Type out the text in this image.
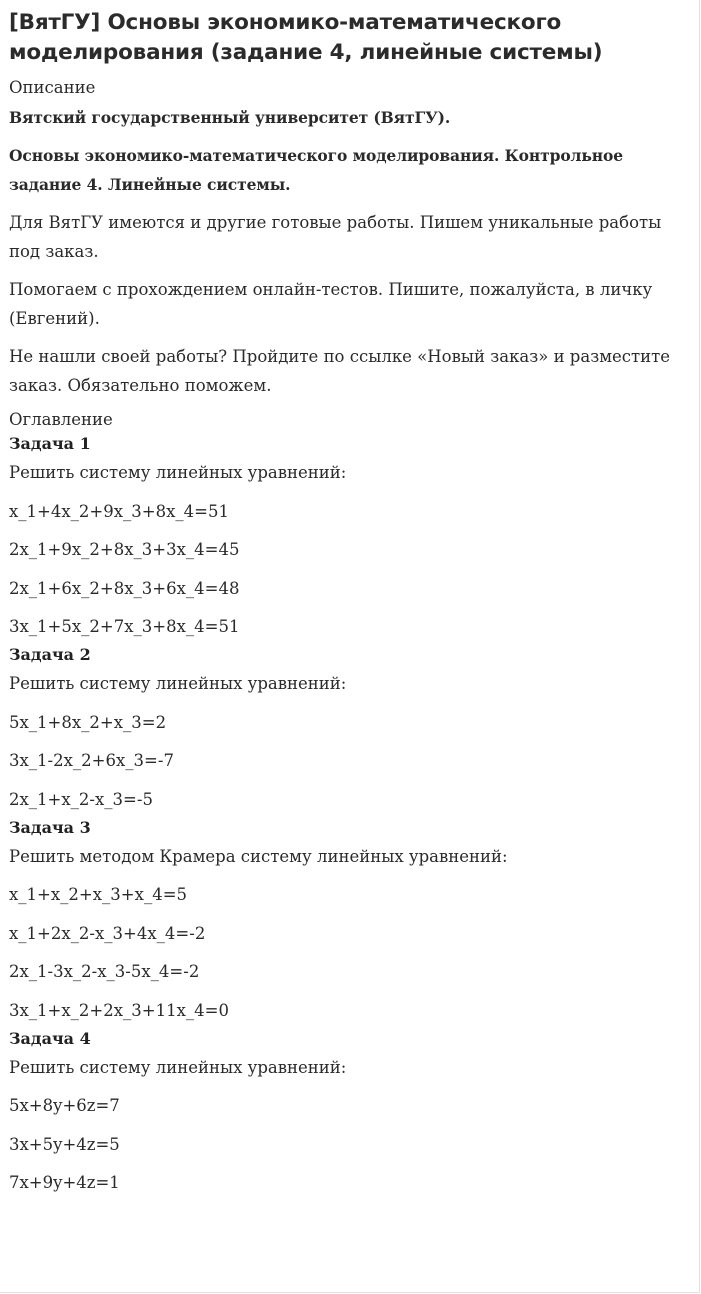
[ВятГУ] Основы экономико-математического моделирования (задание 4, линейные системы)
Описание

Вятский государственный университет (ВятГУ).

Основы экономико-математического моделирования. Контрольное задание 4. Линейные системы.

Для ВятГУ имеются и другие готовые работы. Пишем уникальные работы под заказ.

Помогаем с прохождением онлайн-тестов. Пишите, пожалуйста, в личку (Евгений).

Не нашли своей работы? Пройдите по ссылке «Новый заказ» и разместите заказ. Обязательно поможем.

Оглавление
Задача 1

Решить систему линейных уравнений:

x_1+4x_2+9x_3+8x_4=51

2x_1+9x_2+8x_3+3x_4=45

2x_1+6x_2+8x_3+6x_4=48

3x_1+5x_2+7x_3+8x_4=51

Задача 2

Решить систему линейных уравнений:

5x_1+8x_2+x_3=2

3x_1-2x_2+6x_3=-7

2x_1+x_2-x_3=-5

Задача 3

Решить методом Крамера систему линейных уравнений:

x_1+x_2+x_3+x_4=5

x_1+2x_2-x_3+4x_4=-2

2x_1-3x_2-x_3-5x_4=-2

3x_1+x_2+2x_3+11x_4=0

Задача 4

Решить систему линейных уравнений:

5x+8y+6z=7

3x+5y+4z=5

7x+9y+4z=1
